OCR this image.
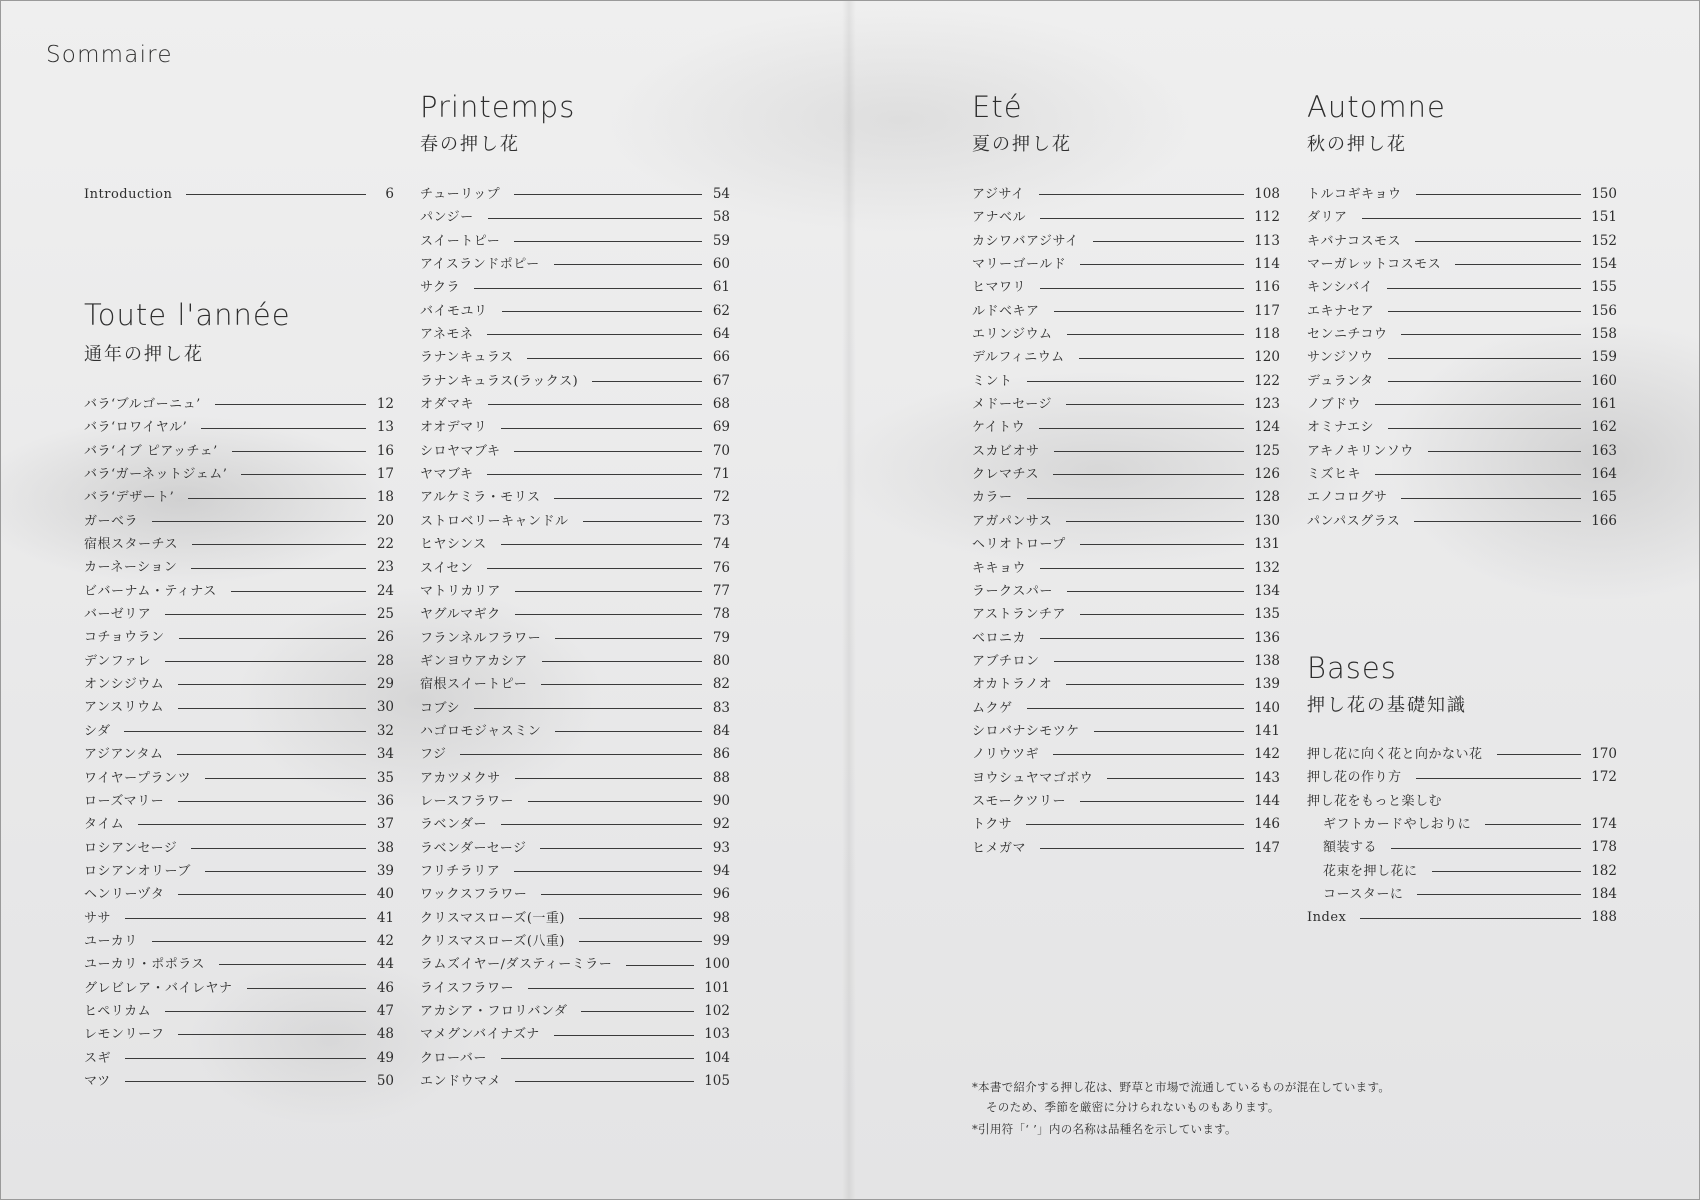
Sommaire
Introduction	6
Toute l'année
通年の押し花
バラ‘ブルゴーニュ’	12
バラ‘ロワイヤル’	13
バラ‘イブ ピアッチェ’	16
バラ‘ガーネットジェム’	17
バラ‘デザート’	18
ガーベラ	20
宿根スターチス	22
カーネーション	23
ビバーナム・ティナス	24
バーゼリア	25
コチョウラン	26
デンファレ	28
オンシジウム	29
アンスリウム	30
シダ	32
アジアンタム	34
ワイヤープランツ	35
ローズマリー	36
タイム	37
ロシアンセージ	38
ロシアンオリーブ	39
ヘンリーヅタ	40
ササ	41
ユーカリ	42
ユーカリ・ポポラス	44
グレビレア・バイレヤナ	46
ヒペリカム	47
レモンリーフ	48
スギ	49
マツ	50
Printemps
春の押し花
チューリップ	54
パンジー	58
スイートピー	59
アイスランドポピー	60
サクラ	61
バイモユリ	62
アネモネ	64
ラナンキュラス	66
ラナンキュラス(ラックス)	67
オダマキ	68
オオデマリ	69
シロヤマブキ	70
ヤマブキ	71
アルケミラ・モリス	72
ストロベリーキャンドル	73
ヒヤシンス	74
スイセン	76
マトリカリア	77
ヤグルマギク	78
フランネルフラワー	79
ギンヨウアカシア	80
宿根スイートピー	82
コブシ	83
ハゴロモジャスミン	84
フジ	86
アカツメクサ	88
レースフラワー	90
ラベンダー	92
ラベンダーセージ	93
フリチラリア	94
ワックスフラワー	96
クリスマスローズ(一重)	98
クリスマスローズ(八重)	99
ラムズイヤー/ダスティーミラー	100
ライスフラワー	101
アカシア・フロリバンダ	102
マメグンバイナズナ	103
クローバー	104
エンドウマメ	105
Eté
夏の押し花
アジサイ	108
アナベル	112
カシワバアジサイ	113
マリーゴールド	114
ヒマワリ	116
ルドベキア	117
エリンジウム	118
デルフィニウム	120
ミント	122
メドーセージ	123
ケイトウ	124
スカビオサ	125
クレマチス	126
カラー	128
アガパンサス	130
ヘリオトロープ	131
キキョウ	132
ラークスパー	134
アストランチア	135
ベロニカ	136
アブチロン	138
オカトラノオ	139
ムクゲ	140
シロバナシモツケ	141
ノリウツギ	142
ヨウシュヤマゴボウ	143
スモークツリー	144
トクサ	146
ヒメガマ	147
Automne
秋の押し花
トルコギキョウ	150
ダリア	151
キバナコスモス	152
マーガレットコスモス	154
キンシバイ	155
エキナセア	156
センニチコウ	158
サンジソウ	159
デュランタ	160
ノブドウ	161
オミナエシ	162
アキノキリンソウ	163
ミズヒキ	164
エノコログサ	165
パンパスグラス	166
Bases
押し花の基礎知識
押し花に向く花と向かない花	170
押し花の作り方	172
押し花をもっと楽しむ
ギフトカードやしおりに	174
額装する	178
花束を押し花に	182
コースターに	184
Index	188

*本書で紹介する押し花は、野草と市場で流通しているものが混在しています。

そのため、季節を厳密に分けられないものもあります。

*引用符「‘ ’」内の名称は品種名を示しています。
